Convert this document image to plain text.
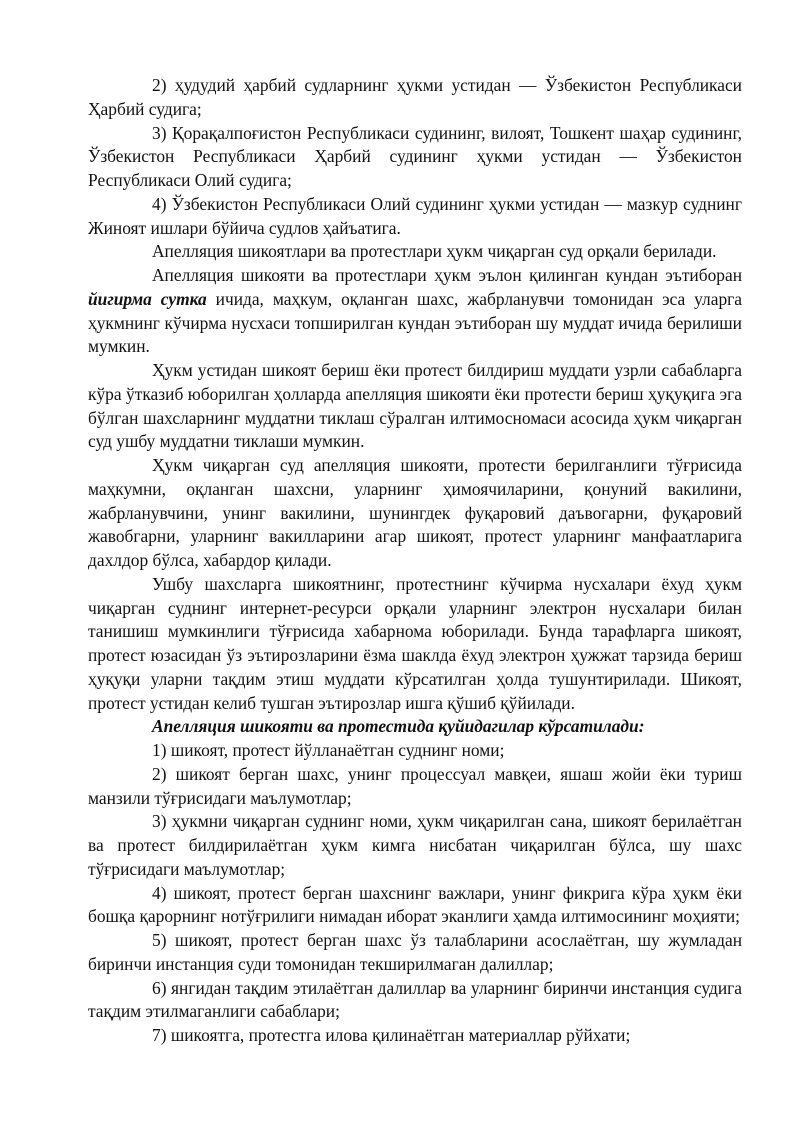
2) ҳудудий ҳарбий судларнинг ҳукми устидан — Ўзбекистон Республикаси Ҳарбий судига;

3) Қорақалпоғистон Республикаси судининг, вилоят, Тошкент шаҳар судининг, Ўзбекистон Республикаси Ҳарбий судининг ҳукми устидан — Ўзбекистон Республикаси Олий судига;

4) Ўзбекистон Республикаси Олий судининг ҳукми устидан — мазкур суднинг Жиноят ишлари бўйича судлов ҳайъатига.

Апелляция шикоятлари ва протестлари ҳукм чиқарган суд орқали берилади.

Апелляция шикояти ва протестлари ҳукм эълон қилинган кундан эътиборан йигирма сутка ичида, маҳкум, оқланган шахс, жабрланувчи томонидан эса уларга ҳукмнинг кўчирма нусхаси топширилган кундан эътиборан шу муддат ичида берилиши мумкин.

Ҳукм устидан шикоят бериш ёки протест билдириш муддати узрли сабабларга кўра ўтказиб юборилган ҳолларда апелляция шикояти ёки протести бериш ҳуқуқига эга бўлган шахсларнинг муддатни тиклаш сўралган илтимосномаси асосида ҳукм чиқарган суд ушбу муддатни тиклаши мумкин.

Ҳукм чиқарган суд апелляция шикояти, протести берилганлиги тўғрисида маҳкумни, оқланган шахсни, уларнинг ҳимоячиларини, қонуний вакилини, жабрланувчини, унинг вакилини, шунингдек фуқаровий даъвогарни, фуқаровий жавобгарни, уларнинг вакилларини агар шикоят, протест уларнинг манфаатларига дахлдор бўлса, хабардор қилади.

Ушбу шахсларга шикоятнинг, протестнинг кўчирма нусхалари ёхуд ҳукм чиқарган суднинг интернет-ресурси орқали уларнинг электрон нусхалари билан танишиш мумкинлиги тўғрисида хабарнома юборилади. Бунда тарафларга шикоят, протест юзасидан ўз эътирозларини ёзма шаклда ёхуд электрон ҳужжат тарзида бериш ҳуқуқи уларни тақдим этиш муддати кўрсатилган ҳолда тушунтирилади. Шикоят, протест устидан келиб тушган эътирозлар ишга қўшиб қўйилади.

Апелляция шикояти ва протестида қуйидагилар кўрсатилади:

1) шикоят, протест йўлланаётган суднинг номи;

2) шикоят берган шахс, унинг процессуал мавқеи, яшаш жойи ёки туриш манзили тўғрисидаги маълумотлар;

3) ҳукмни чиқарган суднинг номи, ҳукм чиқарилган сана, шикоят берилаётган ва протест билдирилаётган ҳукм кимга нисбатан чиқарилган бўлса, шу шахс тўғрисидаги маълумотлар;

4) шикоят, протест берган шахснинг важлари, унинг фикрига кўра ҳукм ёки бошқа қарорнинг нотўғрилиги нимадан иборат эканлиги ҳамда илтимосининг моҳияти;

5) шикоят, протест берган шахс ўз талабларини асослаётган, шу жумладан биринчи инстанция суди томонидан текширилмаган далиллар;

6) янгидан тақдим этилаётган далиллар ва уларнинг биринчи инстанция судига тақдим этилмаганлиги сабаблари;

7) шикоятга, протестга илова қилинаётган материаллар рўйхати;
